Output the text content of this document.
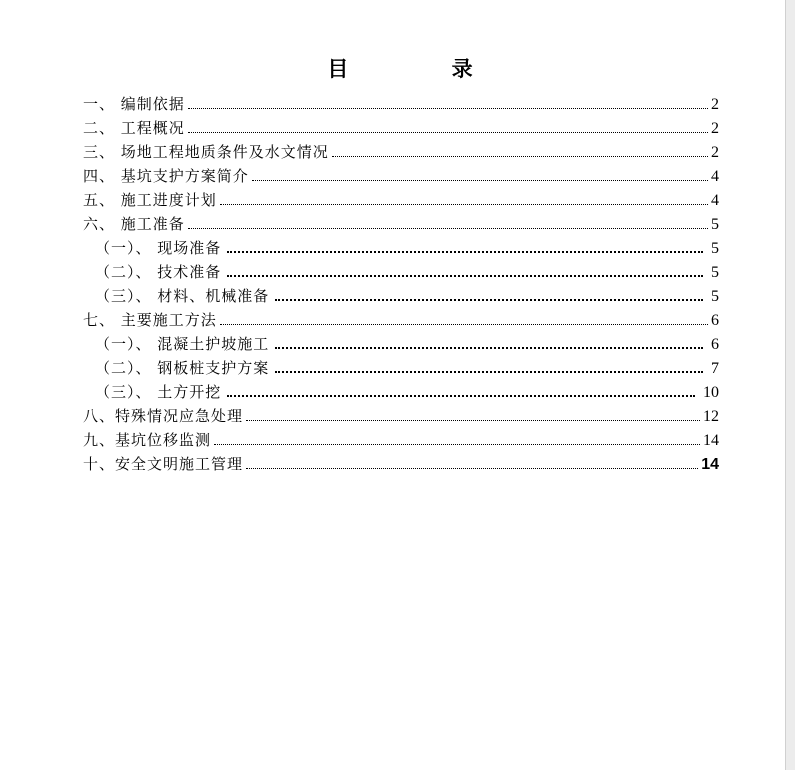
目 录
一、 编制依据	2
二、 工程概况	2
三、 场地工程地质条件及水文情况	2
四、 基坑支护方案简介	4
五、 施工进度计划	4
六、 施工准备	5
（一）、 现场准备	5
（二）、 技术准备	5
（三）、 材料、机械准备	5
七、 主要施工方法	6
（一）、 混凝土护坡施工	6
（二）、 钢板桩支护方案	7
（三）、 土方开挖	10
八、特殊情况应急处理	12
九、基坑位移监测	14
十、安全文明施工管理	14
